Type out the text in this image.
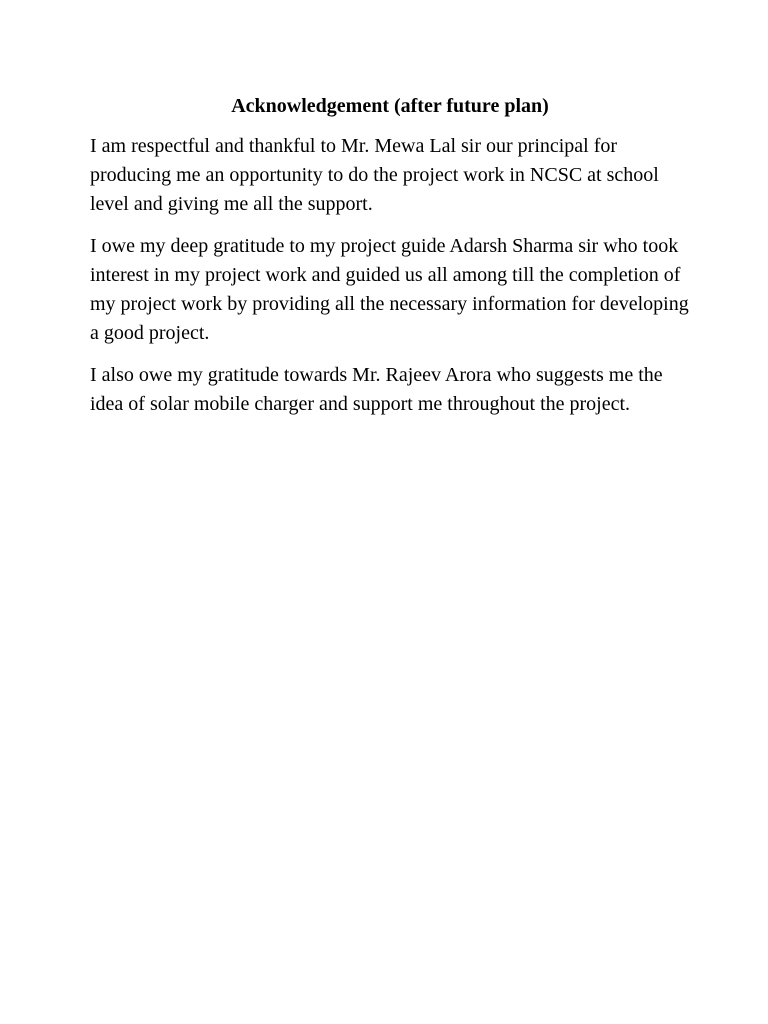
Acknowledgement (after future plan)

I am respectful and thankful to Mr. Mewa Lal sir our principal for producing me an opportunity to do the project work in NCSC at school level and giving me all the support.

I owe my deep gratitude to my project guide Adarsh Sharma sir who took interest in my project work and guided us all among till the completion of my project work by providing all the necessary information for developing a good project.

I also owe my gratitude towards Mr. Rajeev Arora who suggests me the idea of solar mobile charger and support me throughout the project.
